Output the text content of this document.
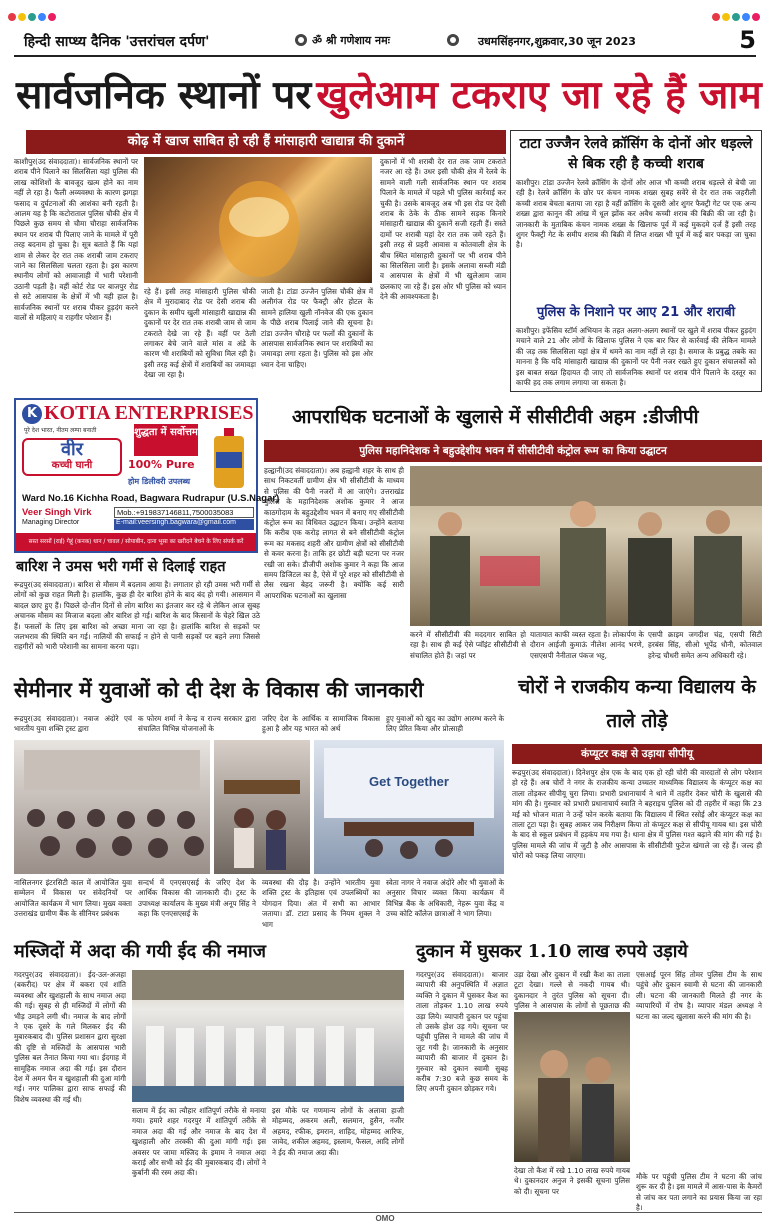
हिन्दी साप्ध्य दैनिक 'उत्तरांचल दर्पण'	ॐ श्री गणेशाय नमः	उधमसिंहनगर,शुक्रवार,30 जून 2023	5
सार्वजनिक स्थानों पर खुलेआम टकराए जा रहे हैं जाम
कोढ़ में खाज साबित हो रही हैं मांसाहारी खाद्यान्न की दुकानें
काशीपुर(उद संवाददाता)। सार्वजनिक स्थानों पर शराब पीने पिलाने का सिलसिला यहां पुलिस की लाख कोशिशों के बावजूद खत्म होने का नाम नहीं ले रहा है। फैली अव्यवस्था के कारण झगड़ा फसाद व दुर्घटनाओं की आशंका बनी रहती है। आलम यह है कि कटोराताल पुलिस चौकी क्षेत्र में पिछले कुछ समय से चौमा चौराहा सार्वजनिक स्थान पर शराब पी पिलाए जाने के मामले में पूरी तरह बदनाम हो चुका है। सूत्र बताते हैं कि यहां शाम से लेकर देर रात तक शराबी जाम टकराए जाने का सिलसिला चलता रहता है। इस कारण स्थानीय लोगों को आवाजाही में भारी परेशानी उठानी पड़ती है। वहीं कोर्ट रोड पर बाजपुर रोड से सटे आसपास के क्षेत्रों में भी यही हाल है। सार्वजनिक स्थानों पर शराब पीकर हुड़दंग करने वालों से महिलाएं व राहगीर परेशान हैं।
रहे हैं। इसी तरह मांसाहारी पुलिस चौकी क्षेत्र में मुरादाबाद रोड पर देसी शराब की दुकान के समीप खुली मांसाहारी खाद्यान्न की दुकानों पर देर रात तक शराबी जाम से जाम टकराते देखे जा रहे हैं। वहीं पर ठेली लगाकर बेचे जाने वाले मांस व अंडे के कारण भी शराबियों को सुविधा मिल रही है। इसी तरह कई क्षेत्रों में शराबियों का जमावड़ा देखा जा रहा है।
जाती है। टांडा उज्जैन पुलिस चौकी क्षेत्र में अलीगंज रोड पर फैक्ट्री और होटल के सामने हालिया खुली नॉनवेज की एक दुकान के पीछे शराब पिलाई जाने की सूचना है। टांडा उज्जैन चौराहे पर फलों की दुकानों के आसपास सार्वजनिक स्थान पर शराबियों का जमावड़ा लगा रहता है। पुलिस को इस ओर ध्यान देना चाहिए।
दुकानों में भी शराबी देर रात तक जाम टकराते नजर आ रहे हैं। उधर इसी चौकी क्षेत्र में रेलवे के सामने वाली गली सार्वजनिक स्थान पर शराब पिलाने के मामले में पहले भी पुलिस कार्रवाई कर चुकी है। उसके बावजूद अब भी इस रोड पर देसी शराब के ठेके के ठीक सामने सड़क किनारे मांसाहारी खाद्यान्न की दुकानें सजी रहती हैं। सस्ते दामों पर शराबी यहां देर रात तक जमे रहते हैं। इसी तरह से प्रहरी आवास व कोतवाली क्षेत्र के बीच स्थित मांसाहारी दुकानों पर भी शराब पीने का सिलसिला जारी है। इसके अलावा सब्जी मंडी व आसपास के क्षेत्रों में भी खुलेआम जाम छलकाए जा रहे हैं। इस ओर भी पुलिस को ध्यान देने की आवश्यकता है।
टाटा उज्जैन रेलवे क्रॉसिंग के दोनों ओर धड़ल्ले से बिक रही है कच्ची शराब
काशीपुर। टांडा उज्जैन रेलवे क्रॉसिंग के दोनों ओर आज भी कच्ची शराब धड़ल्ले से बेची जा रही है। रेलवे क्रॉसिंग के छोर पर कंचन नामक शख्स सुबह सवेरे से देर रात तक जहरीली कच्ची शराब बेचता बताया जा रहा है वहीं क्रॉसिंग के दूसरी ओर शुगर फैक्ट्री गेट पर एक अन्य शख्स द्वारा कानून की आंख में धूल झोंक कर अवैध कच्ची शराब की बिक्री की जा रही है। जानकारी के मुताबिक कंचन नामक शख्स के खिलाफ पूर्व में कई मुकदमे दर्ज हैं इसी तरह शुगर फैक्ट्री गेट के समीप शराब की बिक्री में लिप्त शख्स भी पूर्व में कई बार पकड़ा जा चुका है।
पुलिस के निशाने पर आए 21 और शराबी
काशीपुर। इफेंसिव स्टॉर्म अभियान के तहत अलग-अलग स्थानों पर खुले में शराब पीकर हुड़दंग मचाने वाले 21 और लोगों के खिलाफ पुलिस ने एक बार फिर से कार्रवाई की लेकिन मामले की जड़ तक सिलसिला यहां क्षेत्र में थमने का नाम नहीं ले रहा है। समाज के प्रबुद्ध तबके का मानना है कि यदि मांसाहारी खाद्यान्न की दुकानों पर पैनी नजर रखते हुए दुकान संचालकों को इस बाबत सख्त हिदायत दी जाए तो सार्वजनिक स्थानों पर शराब पीने पिलाने के दस्तूर का काफी हद तक लगाम लगाया जा सकता है।
K KOTIA ENTERPRISES
पूरे देश भारत, नीतम लम्पा बनाती
वीर
कच्ची घानी
शुद्धता में सर्वोत्तम
100% Pure
होम डिलीवरी उपलब्ध
Ward No.16 Kichha Road, Bagwara Rudrapur (U.S.Nagar)
Veer Singh Virk
Managing Director
Mob.:+919837146811,7500035083
E-mail:veersingh.bagwara@gmail.com
सस्त सरसों (राई) गेहूं (कनक) धान / चावल / सोयाबीन, दाना भूसा का खरीदने बेचने के लिए संपर्क करें
बारिश ने उमस भरी गर्मी से दिलाई राहत
रूद्रपुर(उद संवाददाता)। बारिश से मौसम में बदलाव आया है। लगातार हो रही उमस भरी गर्मी से लोगों को कुछ राहत मिली है। हालांकि, कुछ ही देर बारिश होने के बाद बंद हो गयी। आसमान में बादल छाए हुए हैं। पिछले दो-तीन दिनों से लोग बारिश का इंतजार कर रहे थे लेकिन आज सुबह अचानक मौसम का मिजाज बदला और बारिश हो गई। बारिश के बाद किसानों के चेहरे खिल उठे हैं। फसलों के लिए इस बारिश को अच्छा माना जा रहा है। हालांकि बारिश से सड़कों पर जलभराव की स्थिति बन गई। नालियों की सफाई न होने से पानी सड़कों पर बहने लगा जिससे राहगीरों को भारी परेशानी का सामना करना पड़ा।
आपराधिक घटनाओं के खुलासे में सीसीटीवी अहम :डीजीपी
पुलिस महानिदेशक ने बहुउद्देशीय भवन में सीसीटीवी कंट्रोल रूम का किया उद्घाटन
हल्द्वानी(उद संवाददाता)। अब हल्द्वानी शहर के साथ ही साथ निकटवर्ती ग्रामीण क्षेत्र भी सीसीटीवी के माध्यम से पुलिस की पैनी नजरों में आ जाएंगे। उत्तराखंड पुलिस के महानिदेशक अशोक कुमार ने आज काठगोदाम के बहुउद्देशीय भवन में बनाए गए सीसीटीवी कंट्रोल रूम का विधिवत उद्घाटन किया। उन्होंने बताया कि करीब एक करोड़ लागत से बने सीसीटीवी कंट्रोल रूम का मकसद शहरी और ग्रामीण क्षेत्रों को सीसीटीवी से कवर करना है। ताकि हर छोटी बड़ी घटना पर नजर रखी जा सके। डीजीपी अशोक कुमार ने कहा कि आज समय डिजिटल का है, ऐसे में पूरे शहर को सीसीटीवी से लैस रखना बेहद जरूरी है। क्योंकि कई सारी आपराधिक घटनाओं का खुलासा
करने में सीसीटीवी की मददगार साबित हो रहा है। साथ ही कई ऐसे प्वॉइंट सीसीटीवी से संचालित होते हैं। जहां पर
यातायात काफी व्यस्त रहता है। लोकार्पण के दौरान आईजी कुमाऊं नीलेश आनंद भरणे, एसएसपी नैनीताल पंकज भट्ट,
एसपी क्राइम जगदीश चंद्र, एसपी सिटी हरबंस सिंह, सीओ भूपेंद्र धौनी, कोतवाल हरेन्द्र चौधरी समेत अन्य अधिकारी रहे।
सेमीनार में युवाओं को दी देश के विकास की जानकारी
रूद्रपुर(उद संवाददाता)। नवाज अंदोरे एवं भारतीय युवा शक्ति ट्रस्ट द्वारा
क फोरम शर्मा ने केन्द्र व राज्य सरकार द्वारा संचालित विभिन्न योजनाओं के
जरिए देश के आर्थिक व सामाजिक विकास हुआ है और यह भारत को अर्थ
हुए युवाओं को खुद का उद्योग आरम्भ करने के लिए प्रेरित किया और प्रोत्साही
Get Together
नासिलनगर इंटरसिटी काल में आयोजित युवा सम्मेलन में विकास पर संवेदनियों पर आयोजित कार्यक्रम में भाग लिया। मुख्य वक्ता उत्तराखंड ग्रामीण बैंक के सीनियर प्रबंधक
सन्दर्भ में एनएसएसई के जरिए देश के आर्थिक विकास की जानकारी दी। ट्रस्ट के उपाध्यक्ष कार्यालय के मुख्य मंत्री अनूप सिंह ने कहा कि एनएसएसई के
व्यवस्था की दौड़ है। उन्होंने भारतीय युवा शक्ति ट्रस्ट के इतिहास एवं उपलब्धियों का योगदान दिया। अंत में सभी का आभार जताया। डॉ. टाटा प्रसाद के नियम शुक्ल ने भाग
स्वेता नागर ने नवाज अंदोरे और भी युवाओं के अनुसार विचार व्यक्त किया कार्यक्रम में विभिन्न बैंक के अधिकारी, नेहरू युवा केंद्र व उच्च कोटि कॉलेज छात्राओं ने भाग लिया।
चोरों ने राजकीय कन्या विद्यालय के ताले तोड़े
कंप्यूटर कक्ष से उड़ाया सीपीयू
रूद्रपुर(उद संवाददाता)। दिनेशपुर क्षेत्र एक के बाद एक हो रही चोरी की वारदातों से लोग परेशान हो रहे हैं। अब चोरों ने नगर के राजकीय कन्या उच्चतर माध्यमिक विद्यालय के कंप्यूटर कक्ष का ताला तोड़कर सीपीयू चुरा लिया। प्रभारी प्रधानाचार्य ने थाने में तहरीर देकर चोरी के खुलासे की मांग की है। गुरुवार को प्रभारी प्रधानाचार्य स्वाति ने बहराइच पुलिस को दी तहरीर में कहा कि 23 मई को भोजन माता ने उन्हें फोन करके बताया कि विद्यालय में स्थित रसोई और कंप्यूटर कक्ष का ताला टूटा पड़ा है। सुबह आकर जब निरीक्षण किया तो कंप्यूटर कक्ष से सीपीयू गायब था। इस चोरी के बाद से स्कूल प्रबंधन में हड़कंप मच गया है। थाना क्षेत्र में पुलिस गश्त बढ़ाने की मांग की गई है। पुलिस मामले की जांच में जुटी है और आसपास के सीसीटीवी फुटेज खंगाले जा रहे हैं। जल्द ही चोरों को पकड़ लिया जाएगा।
मस्जिदों में अदा की गयी ईद की नमाज
गदरपुर(उद संवाददाता)। ईद-उल-अजहा (बकरीद) पर क्षेत्र में बकरा एवं शांति व्यवस्था और खुशहाली के साथ नमाज अदा की गई। सुबह से ही मस्जिदों में लोगों की भीड़ उमड़ने लगी थी। नमाज के बाद लोगों ने एक दूसरे के गले मिलकर ईद की मुबारकबाद दी। पुलिस प्रशासन द्वारा सुरक्षा की दृष्टि से मस्जिदों के आसपास भारी पुलिस बल तैनात किया गया था। ईदगाह में सामूहिक नमाज अदा की गई। इस दौरान देश में अमन चैन व खुशहाली की दुआ मांगी गई। नगर पालिका द्वारा साफ सफाई की विशेष व्यवस्था की गई थी।
सलाम में ईद का त्यौहार शांतिपूर्ण तरीके से मनाया गया। हमारे शहर गदरपुर में शांतिपूर्ण तरीके से नमाज अदा की गई और नमाज के बाद देश में खुशहाली और तरक्की की दुआ मांगी गई। इस अवसर पर जामा मस्जिद के इमाम ने नमाज अदा कराई और सभी को ईद की मुबारकबाद दी। लोगों ने कुर्बानी की रस्म अदा की।
इस मौके पर गणमान्य लोगों के अलावा हाजी मोहम्मद, अकरम अली, सलमान, हुसैन, नजीर अहमद, रफीक, इमरान, शाहिद, मोहम्मद आरिफ, जावेद, शकील अहमद, इस्लाम, फैसल, आदि लोगों ने ईद की नमाज अदा की।
दुकान में घुसकर 1.10 लाख रुपये उड़ाये
गदरपुर(उद संवाददाता)। बाजार व्यापारी की अनुपस्थिति में अज्ञात व्यक्ति ने दुकान में घुसकर कैश का ताला तोड़कर 1.10 लाख रुपये उड़ा लिये। व्यापारी दुकान पर पहुंचा तो उसके होश उड़ गये। सूचना पर पहुंची पुलिस ने मामले की जांच में जुट गयी है। जानकारी के अनुसार व्यापारी की बाजार में दुकान है। गुरुवार को दुकान स्वामी सुबह करीब 7:30 बजे कुछ समय के लिए अपनी दुकान छोड़कर गये।
उड़ा देखा और दुकान में रखी कैश का ताला टूटा देखा। गल्ले से नकदी गायब थी। दुकानदार ने तुरंत पुलिस को सूचना दी। पुलिस ने आसपास के लोगों से पूछताछ की
एसआई पूरन सिंह तोमर पुलिस टीम के साथ पहुंचे और दुकान स्वामी से घटना की जानकारी ली। घटना की जानकारी मिलते ही नगर के व्यापारियों में रोष है। व्यापार मंडल अध्यक्ष ने घटना का जल्द खुलासा करने की मांग की है।
देखा तो कैश में रखे 1.10 लाख रुपये गायब थे। दुकानदार अनुज ने इसकी सूचना पुलिस को दी। सूचना पर
मौके पर पहुंची पुलिस टीम ने घटना की जांच शुरू कर दी है। इस मामले में आस-पास के कैमरों से जांच कर पता लगाने का प्रयास किया जा रहा है।
OMO
